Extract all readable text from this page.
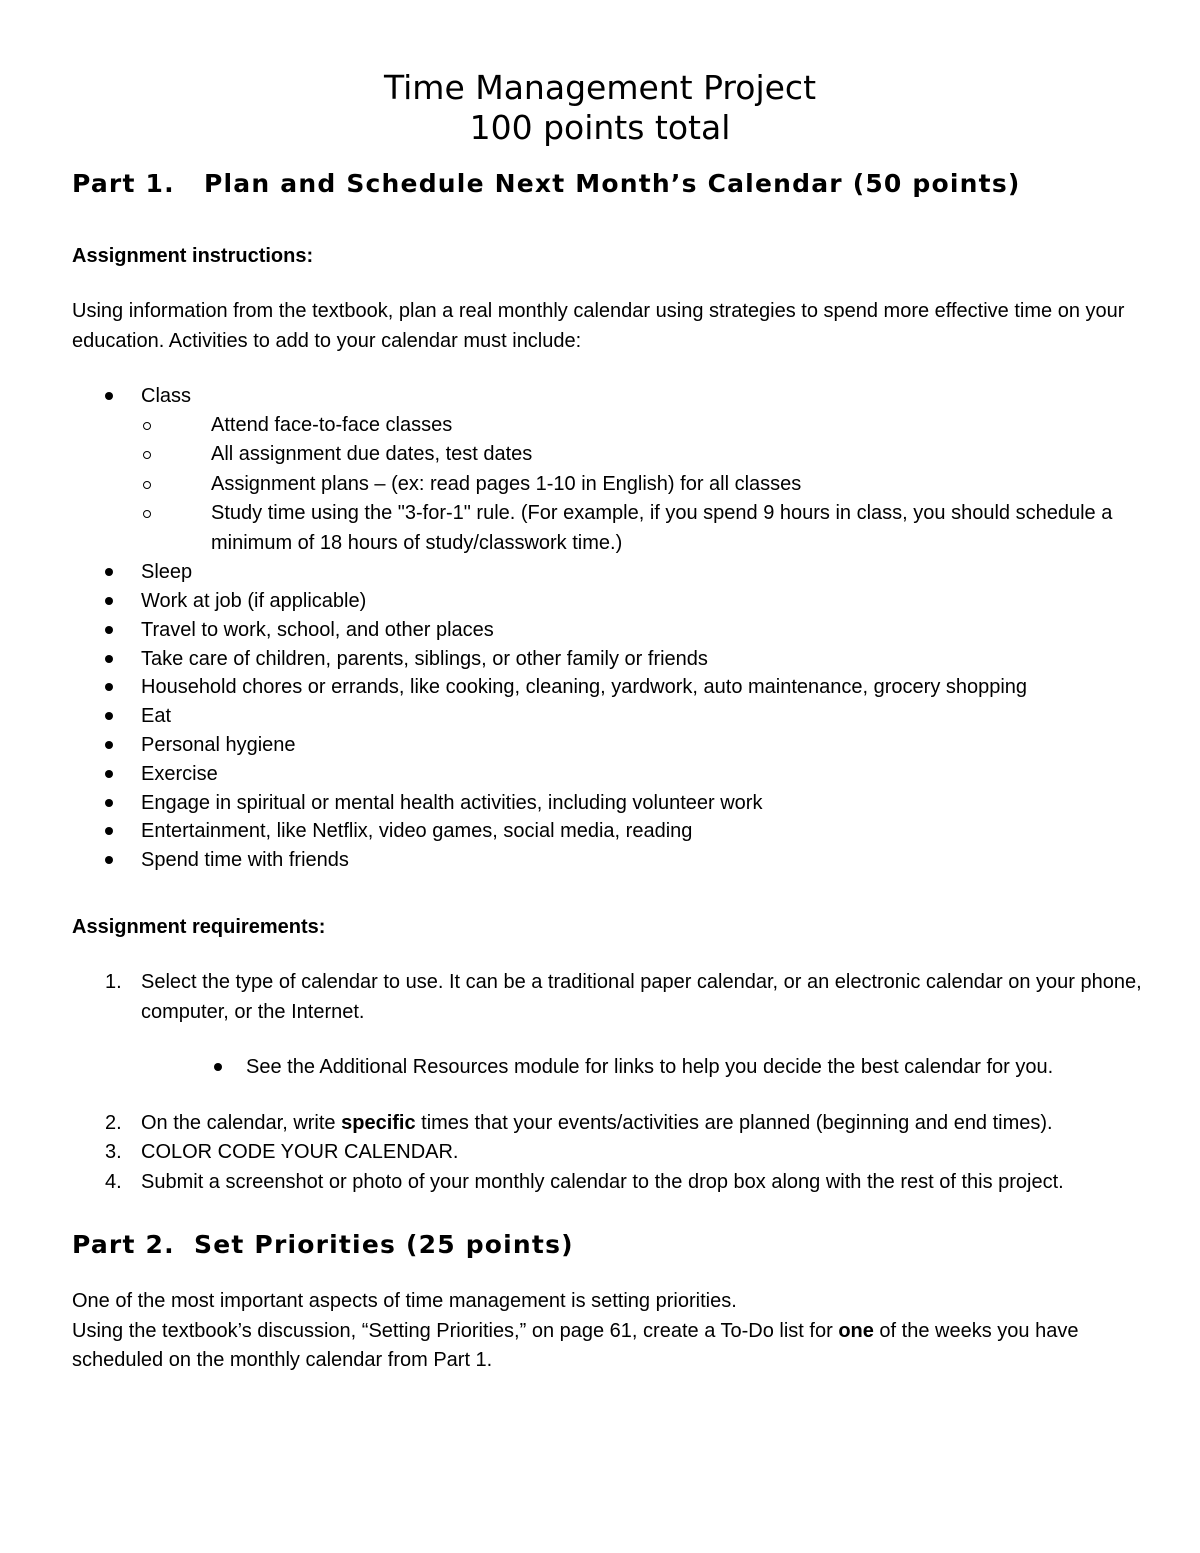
Time Management Project
100 points total
Part 1. Plan and Schedule Next Month’s Calendar (50 points)
Assignment instructions:

Using information from the textbook, plan a real monthly calendar using strategies to spend more effective time on your education. Activities to add to your calendar must include:

Class
Attend face-to-face classes
All assignment due dates, test dates
Assignment plans – (ex: read pages 1-10 in English) for all classes
Study time using the "3-for-1" rule. (For example, if you spend 9 hours in class, you should schedule a minimum of 18 hours of study/classwork time.)
Sleep
Work at job (if applicable)
Travel to work, school, and other places
Take care of children, parents, siblings, or other family or friends
Household chores or errands, like cooking, cleaning, yardwork, auto maintenance, grocery shopping
Eat
Personal hygiene
Exercise
Engage in spiritual or mental health activities, including volunteer work
Entertainment, like Netflix, video games, social media, reading
Spend time with friends
Assignment requirements:
1. Select the type of calendar to use. It can be a traditional paper calendar, or an electronic calendar on your phone, computer, or the Internet.
See the Additional Resources module for links to help you decide the best calendar for you.
2. On the calendar, write specific times that your events/activities are planned (beginning and end times).
3. COLOR CODE YOUR CALENDAR.
4. Submit a screenshot or photo of your monthly calendar to the drop box along with the rest of this project.
Part 2. Set Priorities (25 points)

One of the most important aspects of time management is setting priorities.

Using the textbook’s discussion, “Setting Priorities,” on page 61, create a To-Do list for one of the weeks you have scheduled on the monthly calendar from Part 1.
